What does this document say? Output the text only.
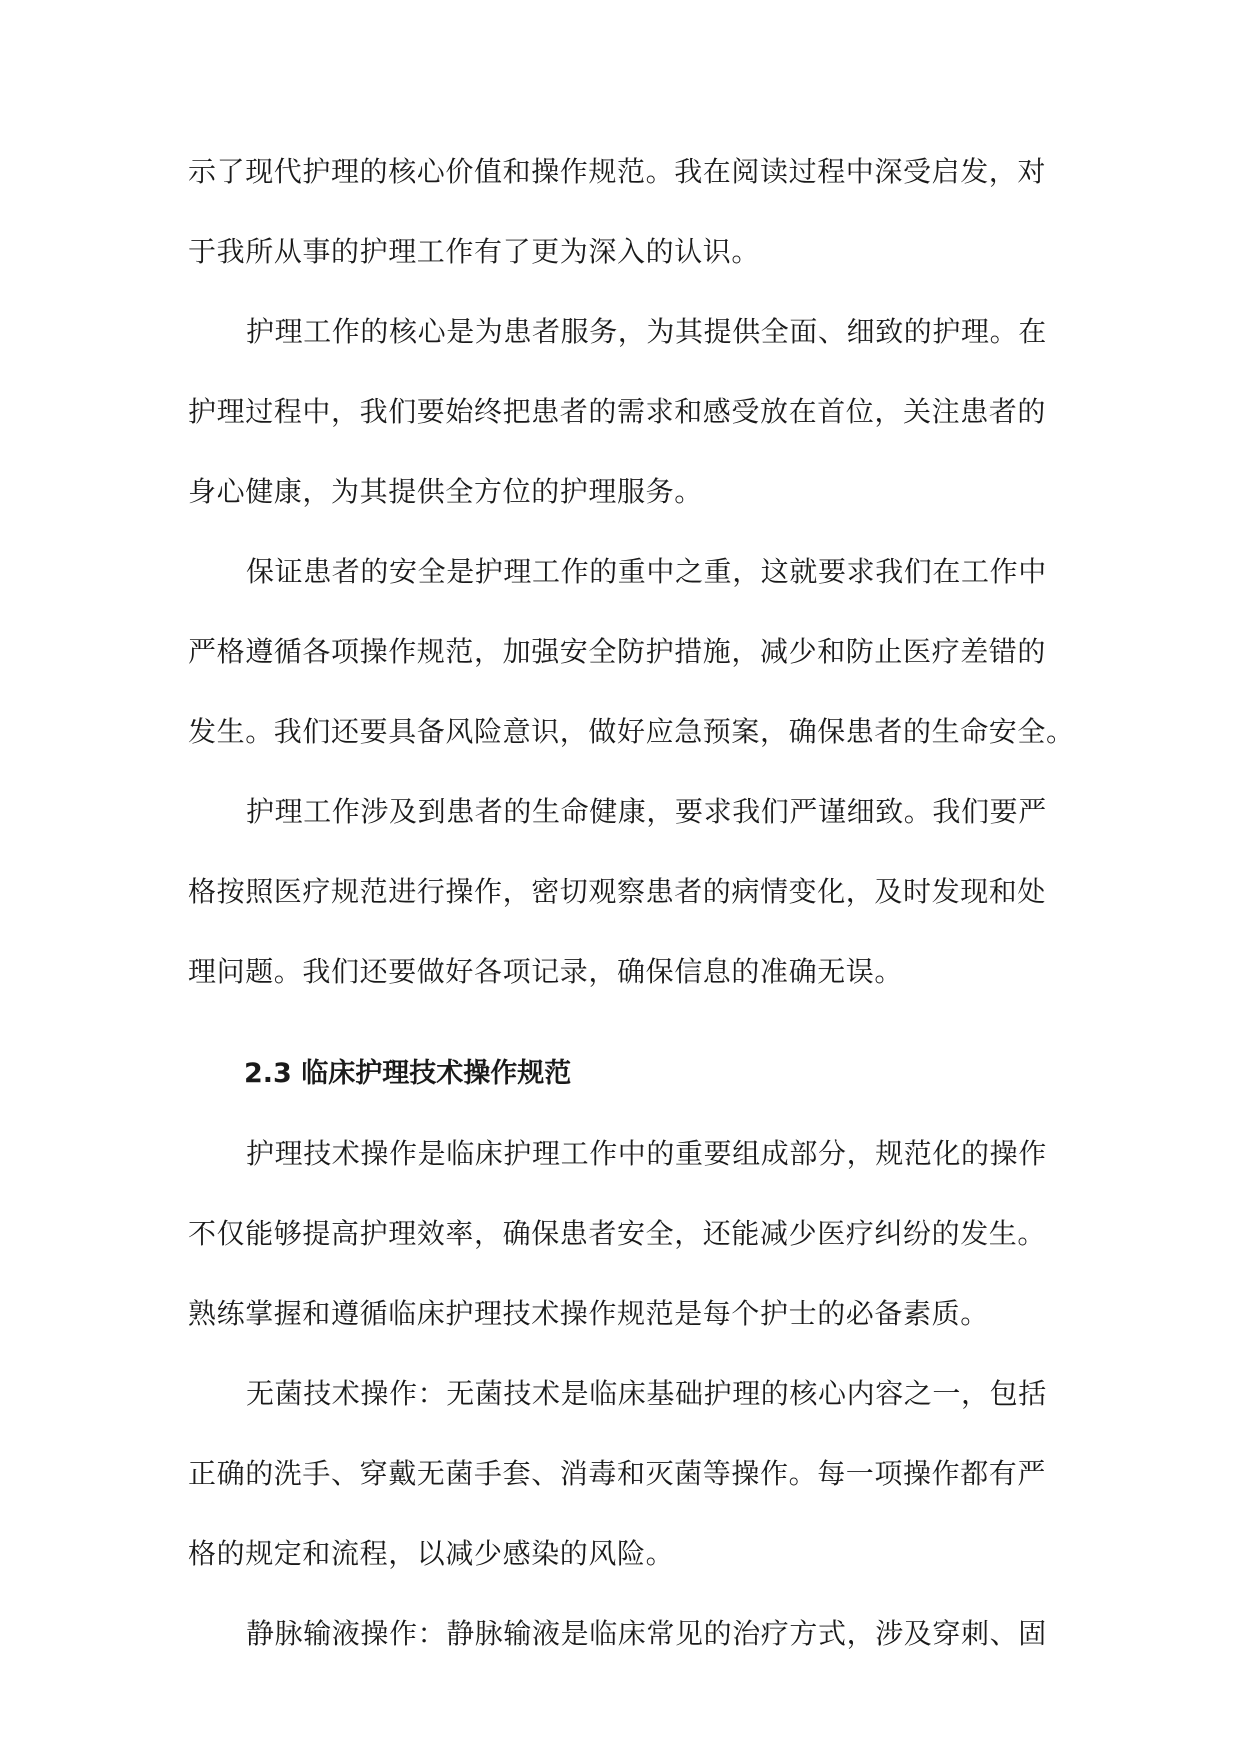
示了现代护理的核心价值和操作规范。我在阅读过程中深受启发，对
于我所从事的护理工作有了更为深入的认识。
护理工作的核心是为患者服务，为其提供全面、细致的护理。在
护理过程中，我们要始终把患者的需求和感受放在首位，关注患者的
身心健康，为其提供全方位的护理服务。
保证患者的安全是护理工作的重中之重，这就要求我们在工作中
严格遵循各项操作规范，加强安全防护措施，减少和防止医疗差错的
发生。我们还要具备风险意识，做好应急预案，确保患者的生命安全。
护理工作涉及到患者的生命健康，要求我们严谨细致。我们要严
格按照医疗规范进行操作，密切观察患者的病情变化，及时发现和处
理问题。我们还要做好各项记录，确保信息的准确无误。
2.3 临床护理技术操作规范
护理技术操作是临床护理工作中的重要组成部分，规范化的操作
不仅能够提高护理效率，确保患者安全，还能减少医疗纠纷的发生。
熟练掌握和遵循临床护理技术操作规范是每个护士的必备素质。
无菌技术操作：无菌技术是临床基础护理的核心内容之一，包括
正确的洗手、穿戴无菌手套、消毒和灭菌等操作。每一项操作都有严
格的规定和流程，以减少感染的风险。
静脉输液操作：静脉输液是临床常见的治疗方式，涉及穿刺、固
